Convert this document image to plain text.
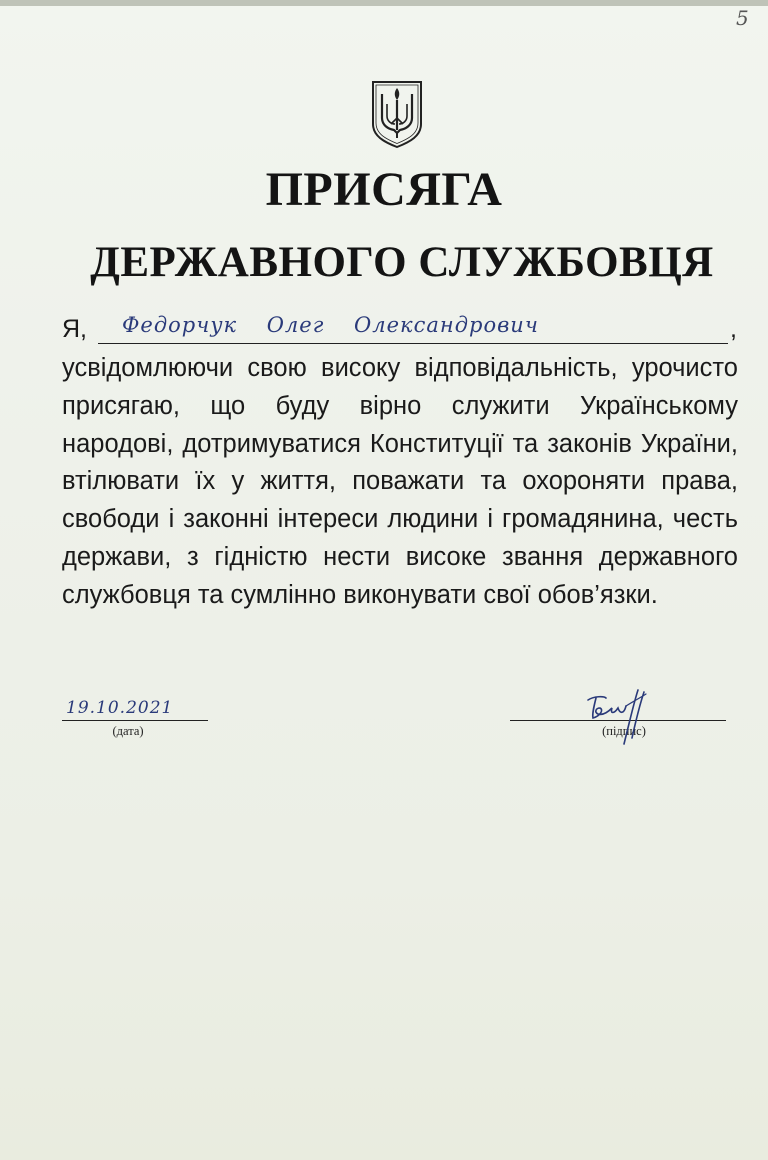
5
ПРИСЯГА
ДЕРЖАВНОГО СЛУЖБОВЦЯ
Я, Федорчук Олег Олександрович	,

усвідомлюючи свою високу відповідальність, урочисто присягаю, що буду вірно служити Українському народові, дотримуватися Конституції та законів України, втілювати їх у життя, поважати та охороняти права, свободи і законні інтереси людини і громадянина, честь держави, з гідністю нести високе звання державного службовця та сумлінно виконувати свої обов’язки.

19.10.2021
(дата)	(підпис)
